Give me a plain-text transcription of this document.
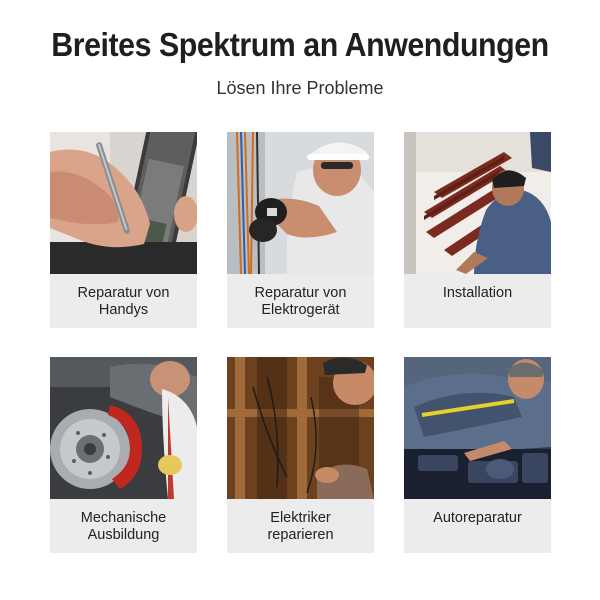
Breites Spektrum an Anwendungen
Lösen Ihre Probleme
Reparatur von
Handys
Reparatur von
Elektrogerät
Installation
Mechanische
Ausbildung
Elektriker
reparieren
Autoreparatur
